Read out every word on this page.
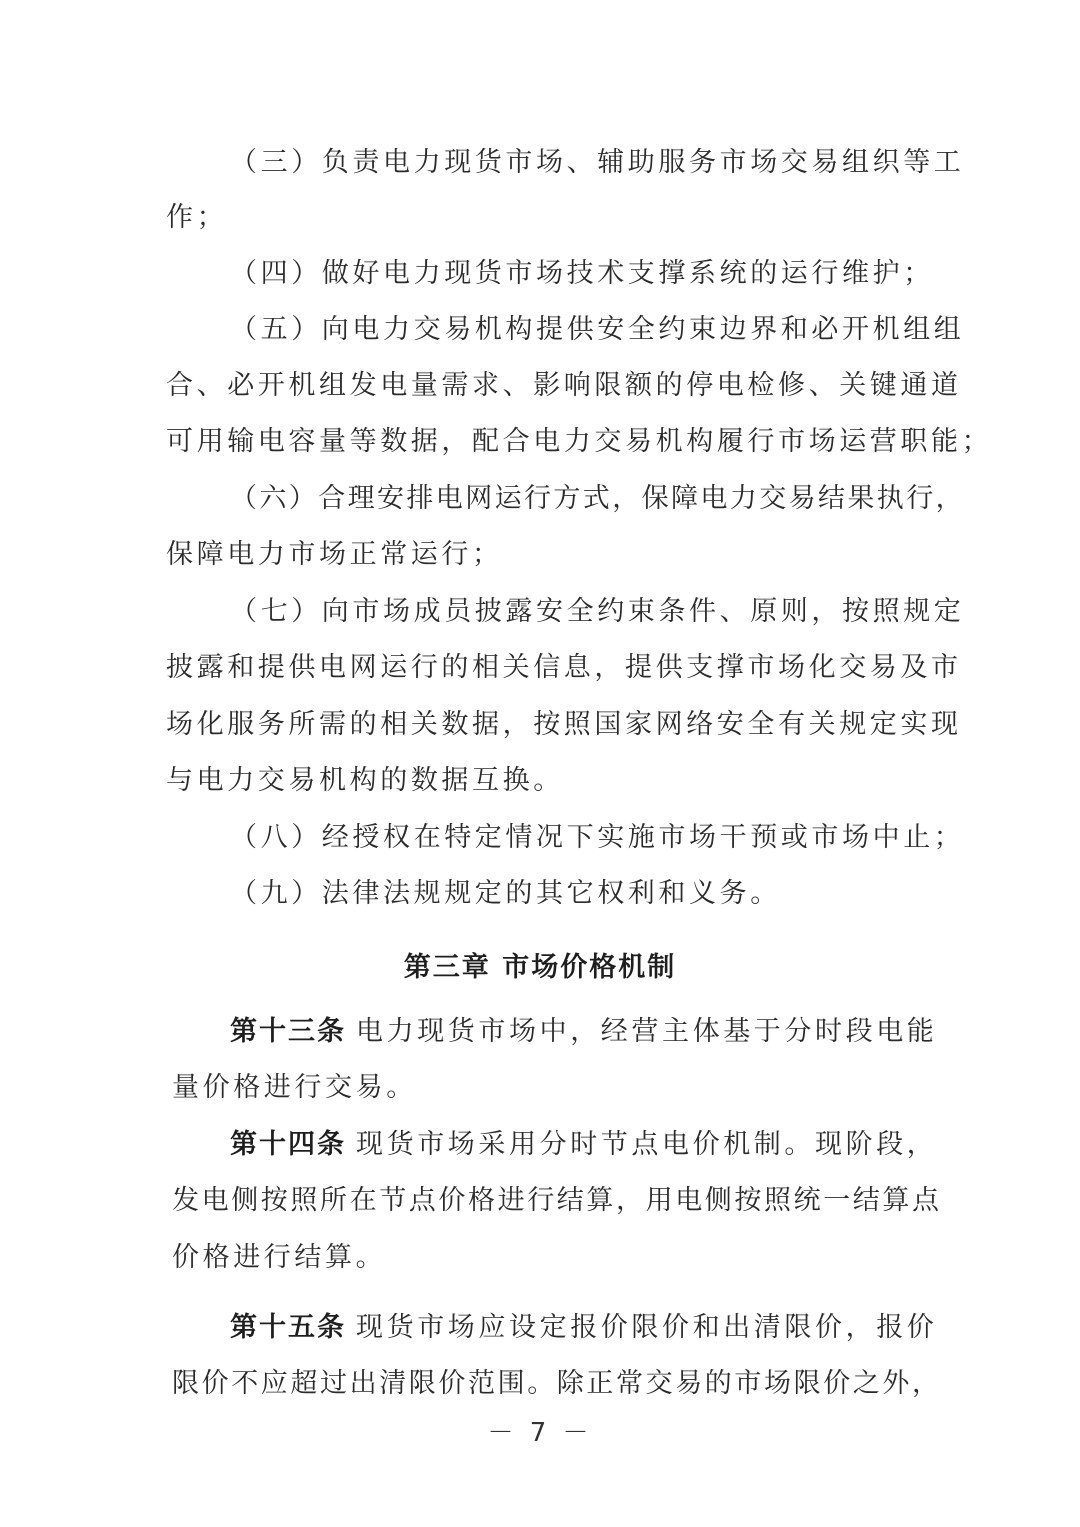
（三）负责电力现货市场、辅助服务市场交易组织等工
作；
（四）做好电力现货市场技术支撑系统的运行维护；
（五）向电力交易机构提供安全约束边界和必开机组组
合、必开机组发电量需求、影响限额的停电检修、关键通道
可用输电容量等数据，配合电力交易机构履行市场运营职能；
（六）合理安排电网运行方式，保障电力交易结果执行，
保障电力市场正常运行；
（七）向市场成员披露安全约束条件、原则，按照规定
披露和提供电网运行的相关信息，提供支撑市场化交易及市
场化服务所需的相关数据，按照国家网络安全有关规定实现
与电力交易机构的数据互换。
（八）经授权在特定情况下实施市场干预或市场中止；
（九）法律法规规定的其它权利和义务。
第三章 市场价格机制
第十三条 电力现货市场中，经营主体基于分时段电能
量价格进行交易。
第十四条 现货市场采用分时节点电价机制。现阶段，
发电侧按照所在节点价格进行结算，用电侧按照统一结算点
价格进行结算。
第十五条 现货市场应设定报价限价和出清限价，报价
限价不应超过出清限价范围。除正常交易的市场限价之外，
－ 7 －
